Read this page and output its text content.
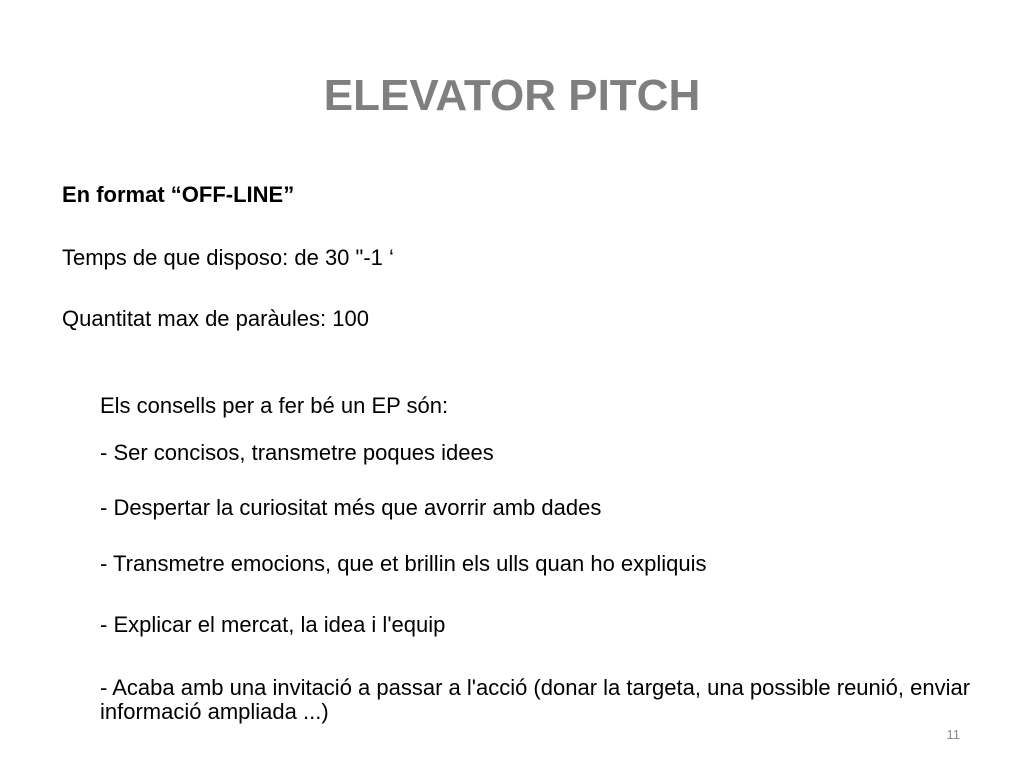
ELEVATOR PITCH

En format “OFF-LINE”

Temps de que disposo: de 30 "-1 ‘

Quantitat max de paràules: 100

Els consells per a fer bé un EP són:

- Ser concisos, transmetre poques idees

- Despertar la curiositat més que avorrir amb dades

- Transmetre emocions, que et brillin els ulls quan ho expliquis

- Explicar el mercat, la idea i l'equip

- Acaba amb una invitació a passar a l'acció (donar la targeta, una possible reunió, enviar informació ampliada ...)

11
